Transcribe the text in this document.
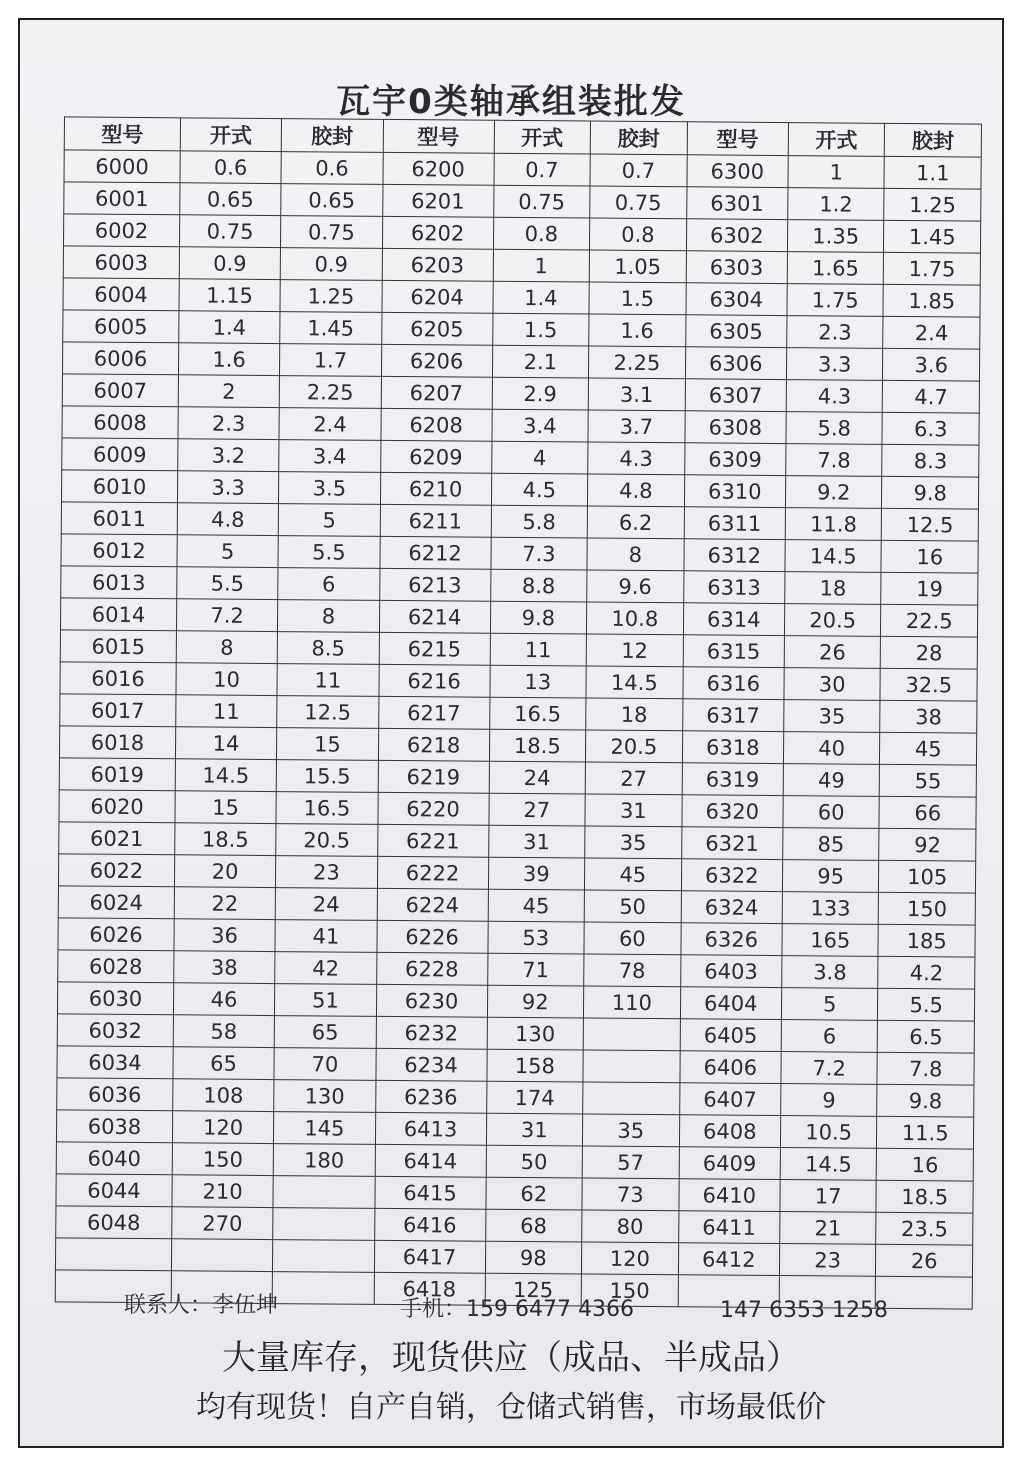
瓦宇0类轴承组装批发
型号	开式	胶封	型号	开式	胶封	型号	开式	胶封
6000	0.6	0.6	6200	0.7	0.7	6300	1	1.1
6001	0.65	0.65	6201	0.75	0.75	6301	1.2	1.25
6002	0.75	0.75	6202	0.8	0.8	6302	1.35	1.45
6003	0.9	0.9	6203	1	1.05	6303	1.65	1.75
6004	1.15	1.25	6204	1.4	1.5	6304	1.75	1.85
6005	1.4	1.45	6205	1.5	1.6	6305	2.3	2.4
6006	1.6	1.7	6206	2.1	2.25	6306	3.3	3.6
6007	2	2.25	6207	2.9	3.1	6307	4.3	4.7
6008	2.3	2.4	6208	3.4	3.7	6308	5.8	6.3
6009	3.2	3.4	6209	4	4.3	6309	7.8	8.3
6010	3.3	3.5	6210	4.5	4.8	6310	9.2	9.8
6011	4.8	5	6211	5.8	6.2	6311	11.8	12.5
6012	5	5.5	6212	7.3	8	6312	14.5	16
6013	5.5	6	6213	8.8	9.6	6313	18	19
6014	7.2	8	6214	9.8	10.8	6314	20.5	22.5
6015	8	8.5	6215	11	12	6315	26	28
6016	10	11	6216	13	14.5	6316	30	32.5
6017	11	12.5	6217	16.5	18	6317	35	38
6018	14	15	6218	18.5	20.5	6318	40	45
6019	14.5	15.5	6219	24	27	6319	49	55
6020	15	16.5	6220	27	31	6320	60	66
6021	18.5	20.5	6221	31	35	6321	85	92
6022	20	23	6222	39	45	6322	95	105
6024	22	24	6224	45	50	6324	133	150
6026	36	41	6226	53	60	6326	165	185
6028	38	42	6228	71	78	6403	3.8	4.2
6030	46	51	6230	92	110	6404	5	5.5
6032	58	65	6232	130		6405	6	6.5
6034	65	70	6234	158		6406	7.2	7.8
6036	108	130	6236	174		6407	9	9.8
6038	120	145	6413	31	35	6408	10.5	11.5
6040	150	180	6414	50	57	6409	14.5	16
6044	210		6415	62	73	6410	17	18.5
6048	270		6416	68	80	6411	21	23.5
			6417	98	120	6412	23	26
			6418	125	150			
联系人：李伍坤	手机：159 6477 4366	147 6353 1258
大量库存，现货供应（成品、半成品）
均有现货！自产自销，仓储式销售，市场最低价
